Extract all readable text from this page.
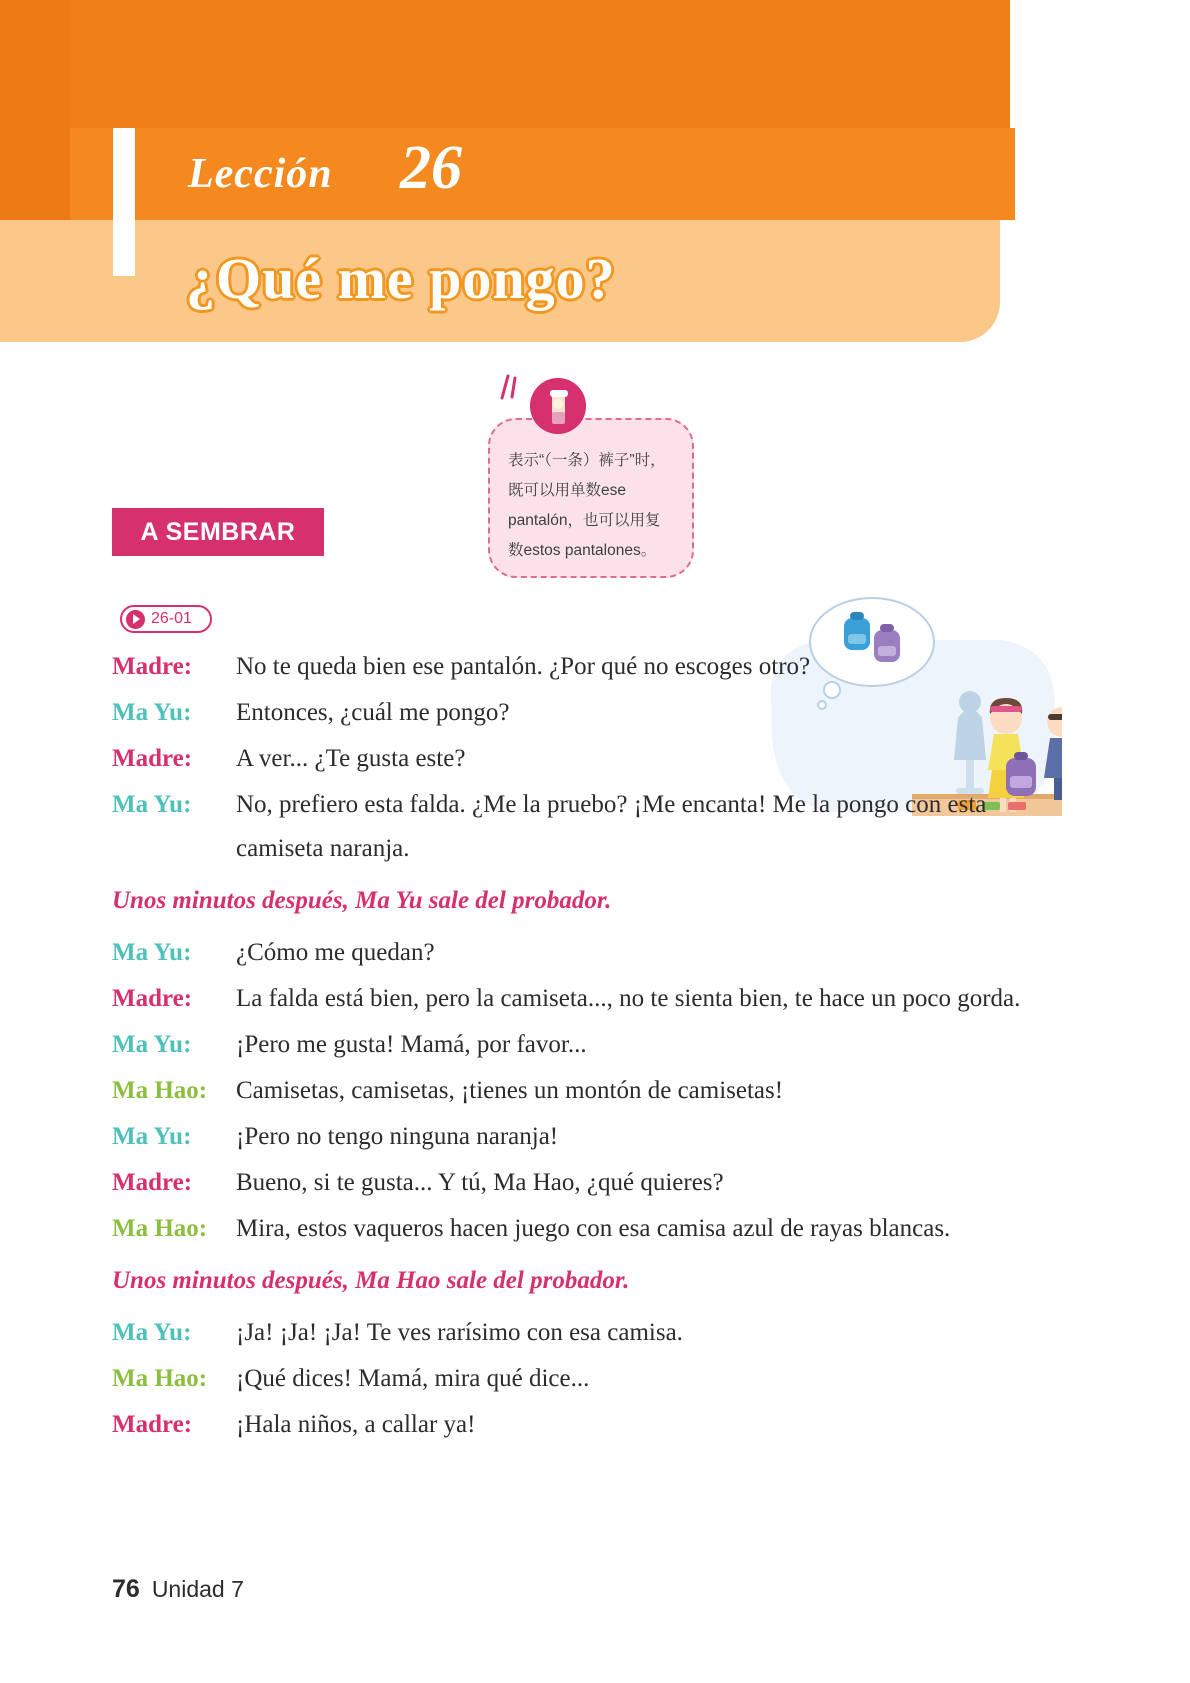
Lección 26
¿Qué me pongo?
A SEMBRAR
表示“（一条）裤子”时，既可以用单数ese pantalón，也可以用复数estos pantalones。
26-01
Madre:	No te queda bien ese pantalón. ¿Por qué no escoges otro?
Ma Yu:	Entonces, ¿cuál me pongo?
Madre:	A ver... ¿Te gusta este?
Ma Yu:	No, prefiero esta falda. ¿Me la pruebo? ¡Me encanta! Me la pongo con esta camiseta naranja.
Unos minutos después, Ma Yu sale del probador.
Ma Yu:	¿Cómo me quedan?
Madre:	La falda está bien, pero la camiseta..., no te sienta bien, te hace un poco gorda.
Ma Yu:	¡Pero me gusta! Mamá, por favor...
Ma Hao:	Camisetas, camisetas, ¡tienes un montón de camisetas!
Ma Yu:	¡Pero no tengo ninguna naranja!
Madre:	Bueno, si te gusta... Y tú, Ma Hao, ¿qué quieres?
Ma Hao:	Mira, estos vaqueros hacen juego con esa camisa azul de rayas blancas.
Unos minutos después, Ma Hao sale del probador.
Ma Yu:	¡Ja! ¡Ja! ¡Ja! Te ves rarísimo con esa camisa.
Ma Hao:	¡Qué dices! Mamá, mira qué dice...
Madre:	¡Hala niños, a callar ya!
76 Unidad 7
